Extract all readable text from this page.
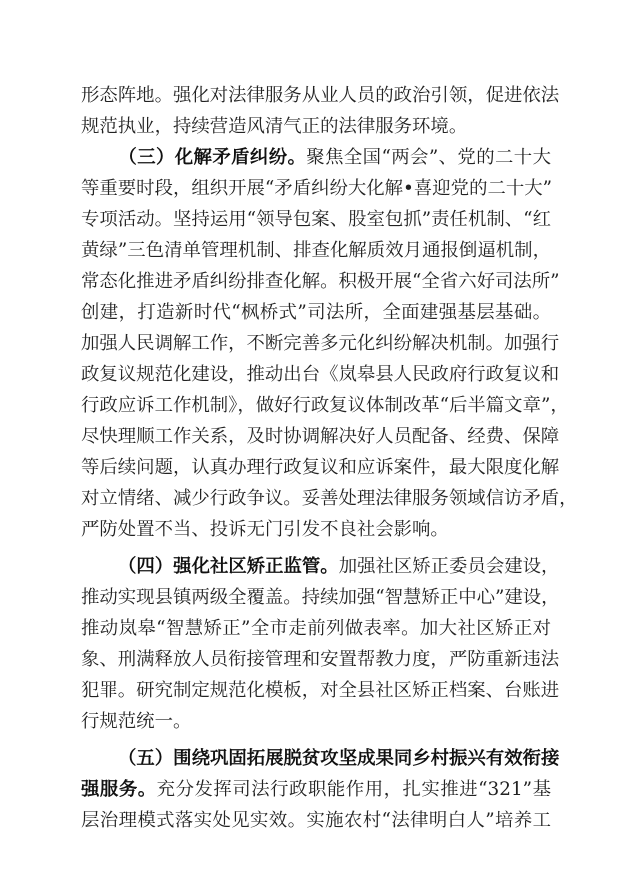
形态阵地。强化对法律服务从业人员的政治引领，促进依法
规范执业，持续营造风清气正的法律服务环境。
（三）化解矛盾纠纷。聚焦全国“两会”、党的二十大
等重要时段，组织开展“矛盾纠纷大化解•喜迎党的二十大”
专项活动。坚持运用“领导包案、股室包抓”责任机制、“红
黄绿”三色清单管理机制、排查化解质效月通报倒逼机制，
常态化推进矛盾纠纷排查化解。积极开展“全省六好司法所”
创建，打造新时代“枫桥式”司法所，全面建强基层基础。
加强人民调解工作，不断完善多元化纠纷解决机制。加强行
政复议规范化建设，推动出台《岚皋县人民政府行政复议和
行政应诉工作机制》，做好行政复议体制改革“后半篇文章”，
尽快理顺工作关系，及时协调解决好人员配备、经费、保障
等后续问题，认真办理行政复议和应诉案件，最大限度化解
对立情绪、减少行政争议。妥善处理法律服务领域信访矛盾，
严防处置不当、投诉无门引发不良社会影响。
（四）强化社区矫正监管。加强社区矫正委员会建设，
推动实现县镇两级全覆盖。持续加强“智慧矫正中心”建设，
推动岚皋“智慧矫正”全市走前列做表率。加大社区矫正对
象、刑满释放人员衔接管理和安置帮教力度，严防重新违法
犯罪。研究制定规范化模板，对全县社区矫正档案、台账进
行规范统一。
（五）围绕巩固拓展脱贫攻坚成果同乡村振兴有效衔接
强服务。充分发挥司法行政职能作用，扎实推进“321”基
层治理模式落实处见实效。实施农村“法律明白人”培养工
